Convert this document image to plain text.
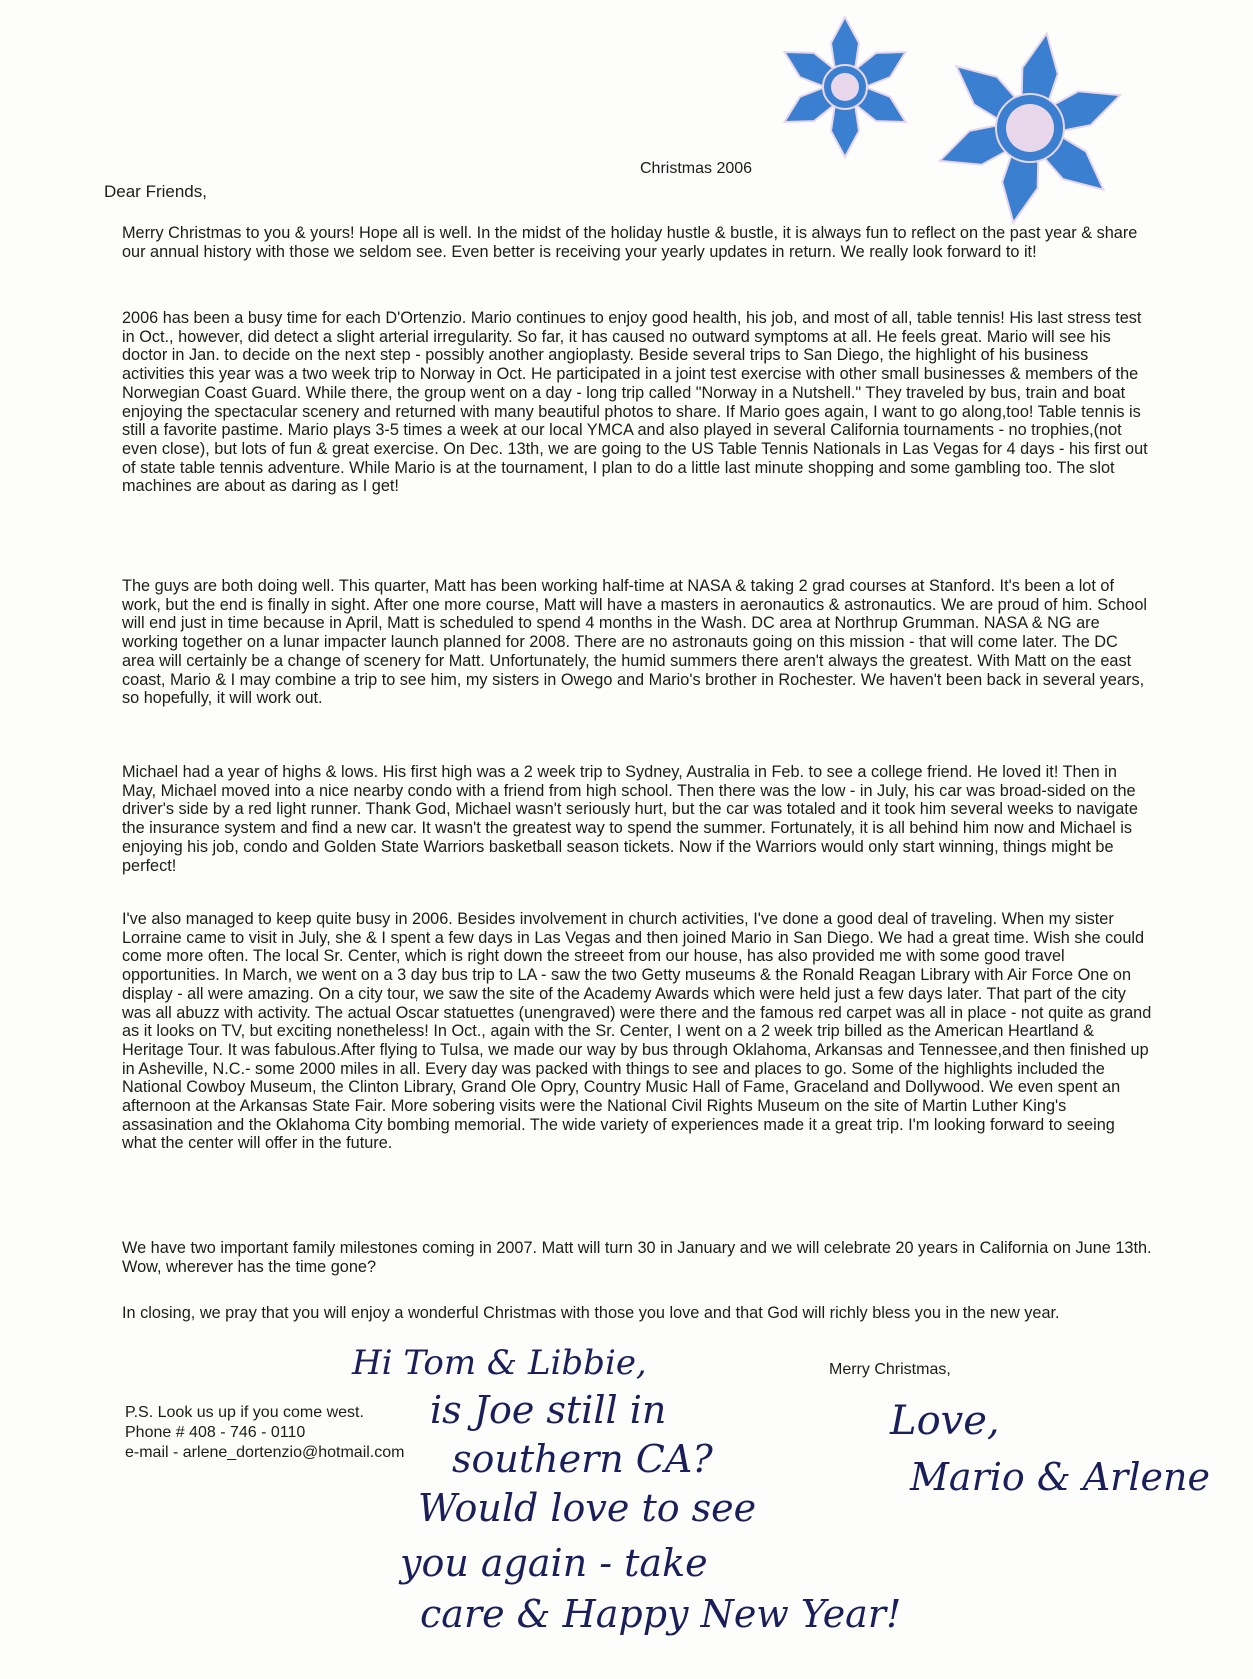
Christmas 2006
Dear Friends,

Merry Christmas to you & yours! Hope all is well. In the midst of the holiday hustle & bustle, it is always fun to reflect on the past year & share our annual history with those we seldom see. Even better is receiving your yearly updates in return. We really look forward to it!

2006 has been a busy time for each D'Ortenzio. Mario continues to enjoy good health, his job, and most of all, table tennis! His last stress test in Oct., however, did detect a slight arterial irregularity. So far, it has caused no outward symptoms at all. He feels great. Mario will see his doctor in Jan. to decide on the next step - possibly another angioplasty. Beside several trips to San Diego, the highlight of his business activities this year was a two week trip to Norway in Oct. He participated in a joint test exercise with other small businesses & members of the Norwegian Coast Guard. While there, the group went on a day - long trip called "Norway in a Nutshell." They traveled by bus, train and boat enjoying the spectacular scenery and returned with many beautiful photos to share. If Mario goes again, I want to go along,too! Table tennis is still a favorite pastime. Mario plays 3-5 times a week at our local YMCA and also played in several California tournaments - no trophies,(not even close), but lots of fun & great exercise. On Dec. 13th, we are going to the US Table Tennis Nationals in Las Vegas for 4 days - his first out of state table tennis adventure. While Mario is at the tournament, I plan to do a little last minute shopping and some gambling too. The slot machines are about as daring as I get!

The guys are both doing well. This quarter, Matt has been working half-time at NASA & taking 2 grad courses at Stanford. It's been a lot of work, but the end is finally in sight. After one more course, Matt will have a masters in aeronautics & astronautics. We are proud of him. School will end just in time because in April, Matt is scheduled to spend 4 months in the Wash. DC area at Northrup Grumman. NASA & NG are working together on a lunar impacter launch planned for 2008. There are no astronauts going on this mission - that will come later. The DC area will certainly be a change of scenery for Matt. Unfortunately, the humid summers there aren't always the greatest. With Matt on the east coast, Mario & I may combine a trip to see him, my sisters in Owego and Mario's brother in Rochester. We haven't been back in several years, so hopefully, it will work out.

Michael had a year of highs & lows. His first high was a 2 week trip to Sydney, Australia in Feb. to see a college friend. He loved it! Then in May, Michael moved into a nice nearby condo with a friend from high school. Then there was the low - in July, his car was broad-sided on the driver's side by a red light runner. Thank God, Michael wasn't seriously hurt, but the car was totaled and it took him several weeks to navigate the insurance system and find a new car. It wasn't the greatest way to spend the summer. Fortunately, it is all behind him now and Michael is enjoying his job, condo and Golden State Warriors basketball season tickets. Now if the Warriors would only start winning, things might be perfect!

I've also managed to keep quite busy in 2006. Besides involvement in church activities, I've done a good deal of traveling. When my sister Lorraine came to visit in July, she & I spent a few days in Las Vegas and then joined Mario in San Diego. We had a great time. Wish she could come more often. The local Sr. Center, which is right down the streeet from our house, has also provided me with some good travel opportunities. In March, we went on a 3 day bus trip to LA - saw the two Getty museums & the Ronald Reagan Library with Air Force One on display - all were amazing. On a city tour, we saw the site of the Academy Awards which were held just a few days later. That part of the city was all abuzz with activity. The actual Oscar statuettes (unengraved) were there and the famous red carpet was all in place - not quite as grand as it looks on TV, but exciting nonetheless! In Oct., again with the Sr. Center, I went on a 2 week trip billed as the American Heartland & Heritage Tour. It was fabulous.After flying to Tulsa, we made our way by bus through Oklahoma, Arkansas and Tennessee,and then finished up in Asheville, N.C.- some 2000 miles in all. Every day was packed with things to see and places to go. Some of the highlights included the National Cowboy Museum, the Clinton Library, Grand Ole Opry, Country Music Hall of Fame, Graceland and Dollywood. We even spent an afternoon at the Arkansas State Fair. More sobering visits were the National Civil Rights Museum on the site of Martin Luther King's assasination and the Oklahoma City bombing memorial. The wide variety of experiences made it a great trip. I'm looking forward to seeing what the center will offer in the future.

We have two important family milestones coming in 2007. Matt will turn 30 in January and we will celebrate 20 years in California on June 13th. Wow, wherever has the time gone?

In closing, we pray that you will enjoy a wonderful Christmas with those you love and that God will richly bless you in the new year.

Merry Christmas,
P.S. Look us up if you come west.
Phone # 408 - 746 - 0110
e-mail - arlene_dortenzio@hotmail.com
Hi Tom & Libbie,
is Joe still in
southern CA?
Would love to see
you again - take
care & Happy New Year!
Love,
Mario & Arlene
